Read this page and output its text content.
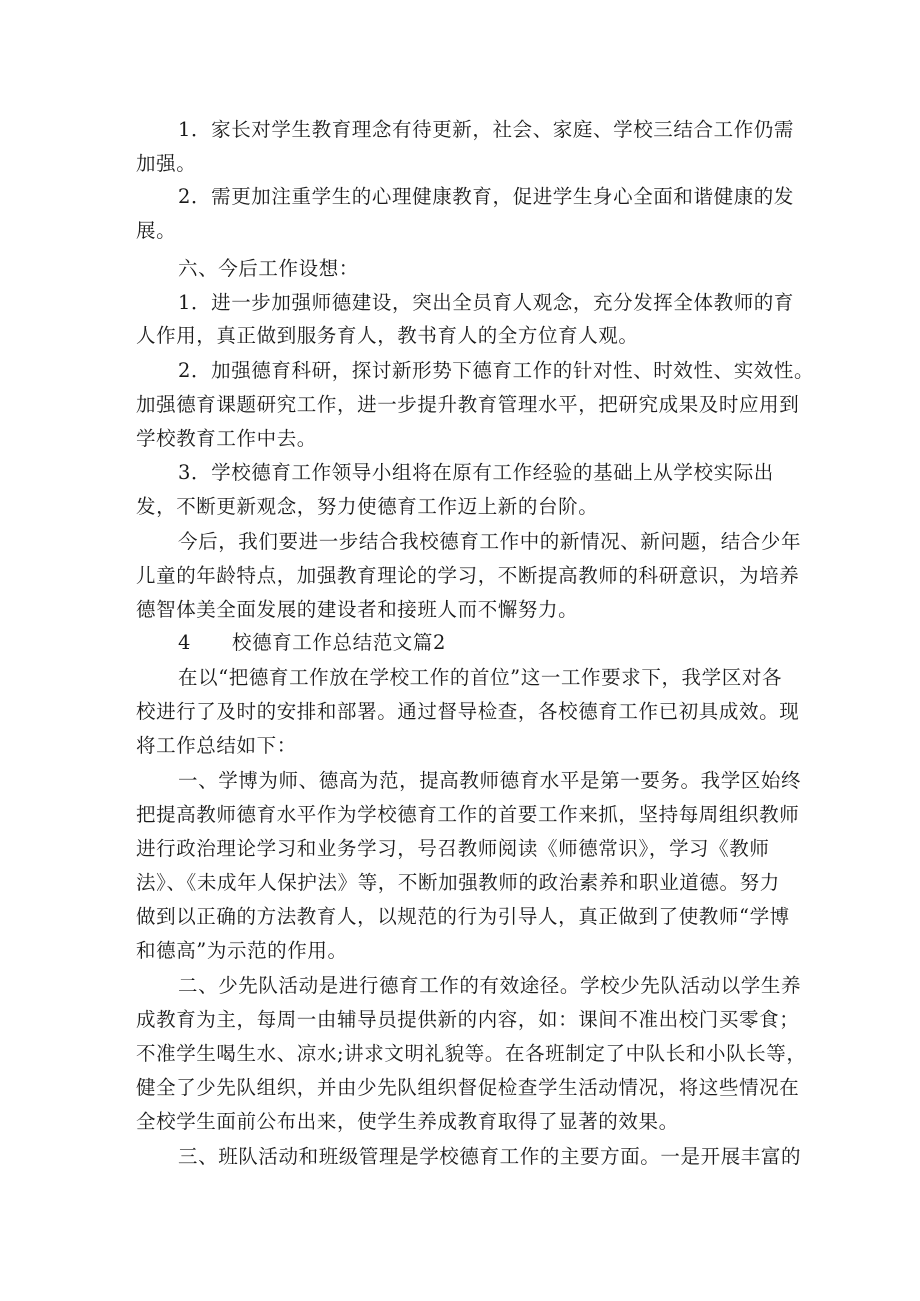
1．家长对学生教育理念有待更新，社会、家庭、学校三结合工作仍需
加强。
2．需更加注重学生的心理健康教育，促进学生身心全面和谐健康的发
展。
六、今后工作设想：
1．进一步加强师德建设，突出全员育人观念，充分发挥全体教师的育
人作用，真正做到服务育人，教书育人的全方位育人观。
2．加强德育科研，探讨新形势下德育工作的针对性、时效性、实效性。
加强德育课题研究工作，进一步提升教育管理水平，把研究成果及时应用到
学校教育工作中去。
3．学校德育工作领导小组将在原有工作经验的基础上从学校实际出
发，不断更新观念，努力使德育工作迈上新的台阶。
今后，我们要进一步结合我校德育工作中的新情况、新问题，结合少年
儿童的年龄特点，加强教育理论的学习，不断提高教师的科研意识，为培养
德智体美全面发展的建设者和接班人而不懈努力。
4 校德育工作总结范文篇2
在以“把德育工作放在学校工作的首位”这一工作要求下，我学区对各
校进行了及时的安排和部署。通过督导检查，各校德育工作已初具成效。现
将工作总结如下：
一、学博为师、德高为范，提高教师德育水平是第一要务。我学区始终
把提高教师德育水平作为学校德育工作的首要工作来抓，坚持每周组织教师
进行政治理论学习和业务学习，号召教师阅读《师德常识》，学习《教师
法》、《未成年人保护法》等，不断加强教师的政治素养和职业道德。努力
做到以正确的方法教育人，以规范的行为引导人，真正做到了使教师“学博
和德高”为示范的作用。
二、少先队活动是进行德育工作的有效途径。学校少先队活动以学生养
成教育为主，每周一由辅导员提供新的内容，如：课间不准出校门买零食；
不准学生喝生水、凉水;讲求文明礼貌等。在各班制定了中队长和小队长等，
健全了少先队组织，并由少先队组织督促检查学生活动情况，将这些情况在
全校学生面前公布出来，使学生养成教育取得了显著的效果。
三、班队活动和班级管理是学校德育工作的主要方面。一是开展丰富的
